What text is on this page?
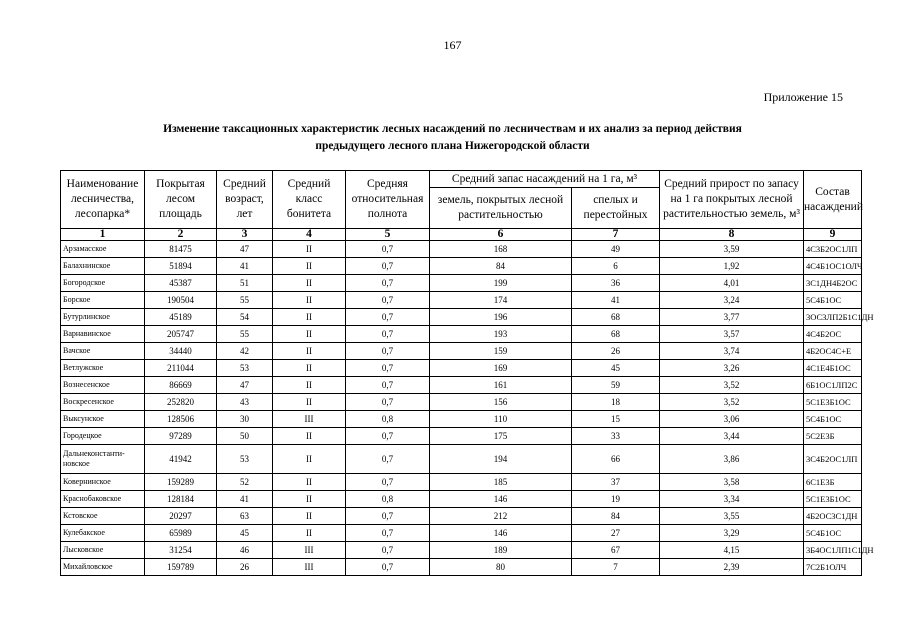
167
Приложение 15
Изменение таксационных характеристик лесных насаждений по лесничествам и их анализ за период действия
предыдущего лесного плана Нижегородской области
Наименование лесничества, лесопарка*	Покрытая лесом площадь	Средний возраст, лет	Средний класс бонитета	Средняя относительная полнота	Средний запас насаждений на 1 га, м³		Средний прирост по запасу на 1 га покрытых лесной растительностью земель, м³	Состав насаждений
					земель, покрытых лесной растительностью	спелых и перестойных		
1	2	3	4	5	6	7	8	9
Арзамасское	81475	47	II	0,7	168	49	3,59	4С3Б2ОС1ЛП
Балахнинское	51894	41	II	0,7	84	6	1,92	4С4Б1ОС1ОЛЧ
Богородское	45387	51	II	0,7	199	36	4,01	3С1ДН4Б2ОС
Борское	190504	55	II	0,7	174	41	3,24	5С4Б1ОС
Бутурлинское	45189	54	II	0,7	196	68	3,77	3ОС3ЛП2Б1С1ДН
Варнавинское	205747	55	II	0,7	193	68	3,57	4С4Б2ОС
Вачское	34440	42	II	0,7	159	26	3,74	4Б2ОС4С+Е
Ветлужское	211044	53	II	0,7	169	45	3,26	4С1Е4Б1ОС
Вознесенское	86669	47	II	0,7	161	59	3,52	6Б1ОС1ЛП2С
Воскресенское	252820	43	II	0,7	156	18	3,52	5С1Е3Б1ОС
Выксунское	128506	30	III	0,8	110	15	3,06	5С4Б1ОС
Городецкое	97289	50	II	0,7	175	33	3,44	5С2Е3Б
Дальнеконстанти-новское	41942	53	II	0,7	194	66	3,86	3С4Б2ОС1ЛП
Ковернинское	159289	52	II	0,7	185	37	3,58	6С1Е3Б
Краснобаковское	128184	41	II	0,8	146	19	3,34	5С1Е3Б1ОС
Кстовское	20297	63	II	0,7	212	84	3,55	4Б2ОС3С1ДН
Кулебакское	65989	45	II	0,7	146	27	3,29	5С4Б1ОС
Лысковское	31254	46	III	0,7	189	67	4,15	3Б4ОС1ЛП1С1ДН
Михайловское	159789	26	III	0,7	80	7	2,39	7С2Б1ОЛЧ
